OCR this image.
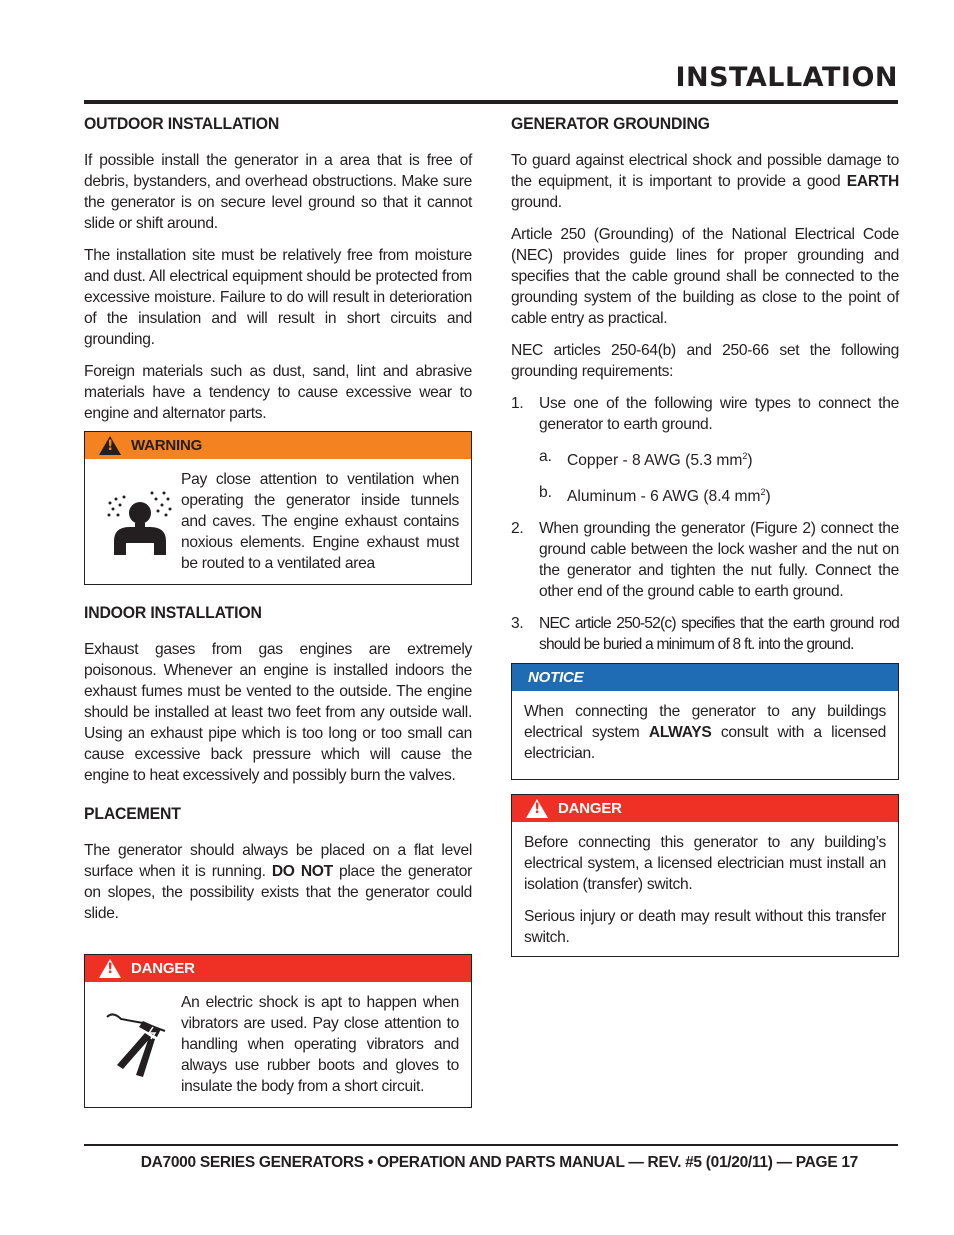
INSTALLATION
OUTDOOR INSTALLATION

If possible install the generator in a area that is free of debris, bystanders, and overhead obstructions. Make sure the generator is on secure level ground so that it cannot slide or shift around.

The installation site must be relatively free from moisture and dust. All electrical equipment should be protected from excessive moisture. Failure to do will result in deterioration of the insulation and will result in short circuits and grounding.

Foreign materials such as dust, sand, lint and abrasive materials have a tendency to cause excessive wear to engine and alternator parts.

!
WARNING

Pay close attention to ventilation when operating the generator inside tunnels and caves. The engine exhaust contains noxious elements. Engine exhaust must be routed to a ventilated area

INDOOR INSTALLATION

Exhaust gases from gas engines are extremely poisonous. Whenever an engine is installed indoors the exhaust fumes must be vented to the outside. The engine should be installed at least two feet from any outside wall. Using an exhaust pipe which is too long or too small can cause excessive back pressure which will cause the engine to heat excessively and possibly burn the valves.

PLACEMENT

The generator should always be placed on a flat level surface when it is running. DO NOT place the generator on slopes, the possibility exists that the generator could slide.

!
DANGER

An electric shock is apt to happen when vibrators are used. Pay close attention to handling when operating vibrators and always use rubber boots and gloves to insulate the body from a short circuit.

GENERATOR GROUNDING

To guard against electrical shock and possible damage to the equipment, it is important to provide a good EARTH ground.

Article 250 (Grounding) of the National Electrical Code (NEC) provides guide lines for proper grounding and specifies that the cable ground shall be connected to the grounding system of the building as close to the point of cable entry as practical.

NEC articles 250-64(b) and 250-66 set the following grounding requirements:

1. Use one of the following wire types to connect the generator to earth ground.
a. Copper - 8 AWG (5.3 $mm^2$)
b. Aluminum - 6 AWG (8.4 $mm^2$)
2. When grounding the generator (Figure 2) connect the ground cable between the lock washer and the nut on the generator and tighten the nut fully. Connect the other end of the ground cable to earth ground.
3. NEC article 250-52(c) specifies that the earth ground rod should be buried a minimum of 8 ft. into the ground.
NOTICE

When connecting the generator to any buildings electrical system ALWAYS consult with a licensed electrician.

!
DANGER

Before connecting this generator to any building’s electrical system, a licensed electrician must install an isolation (transfer) switch.

Serious injury or death may result without this transfer switch.

DA7000 SERIES GENERATORS • OPERATION AND PARTS MANUAL — REV. #5 (01/20/11) — PAGE 17
